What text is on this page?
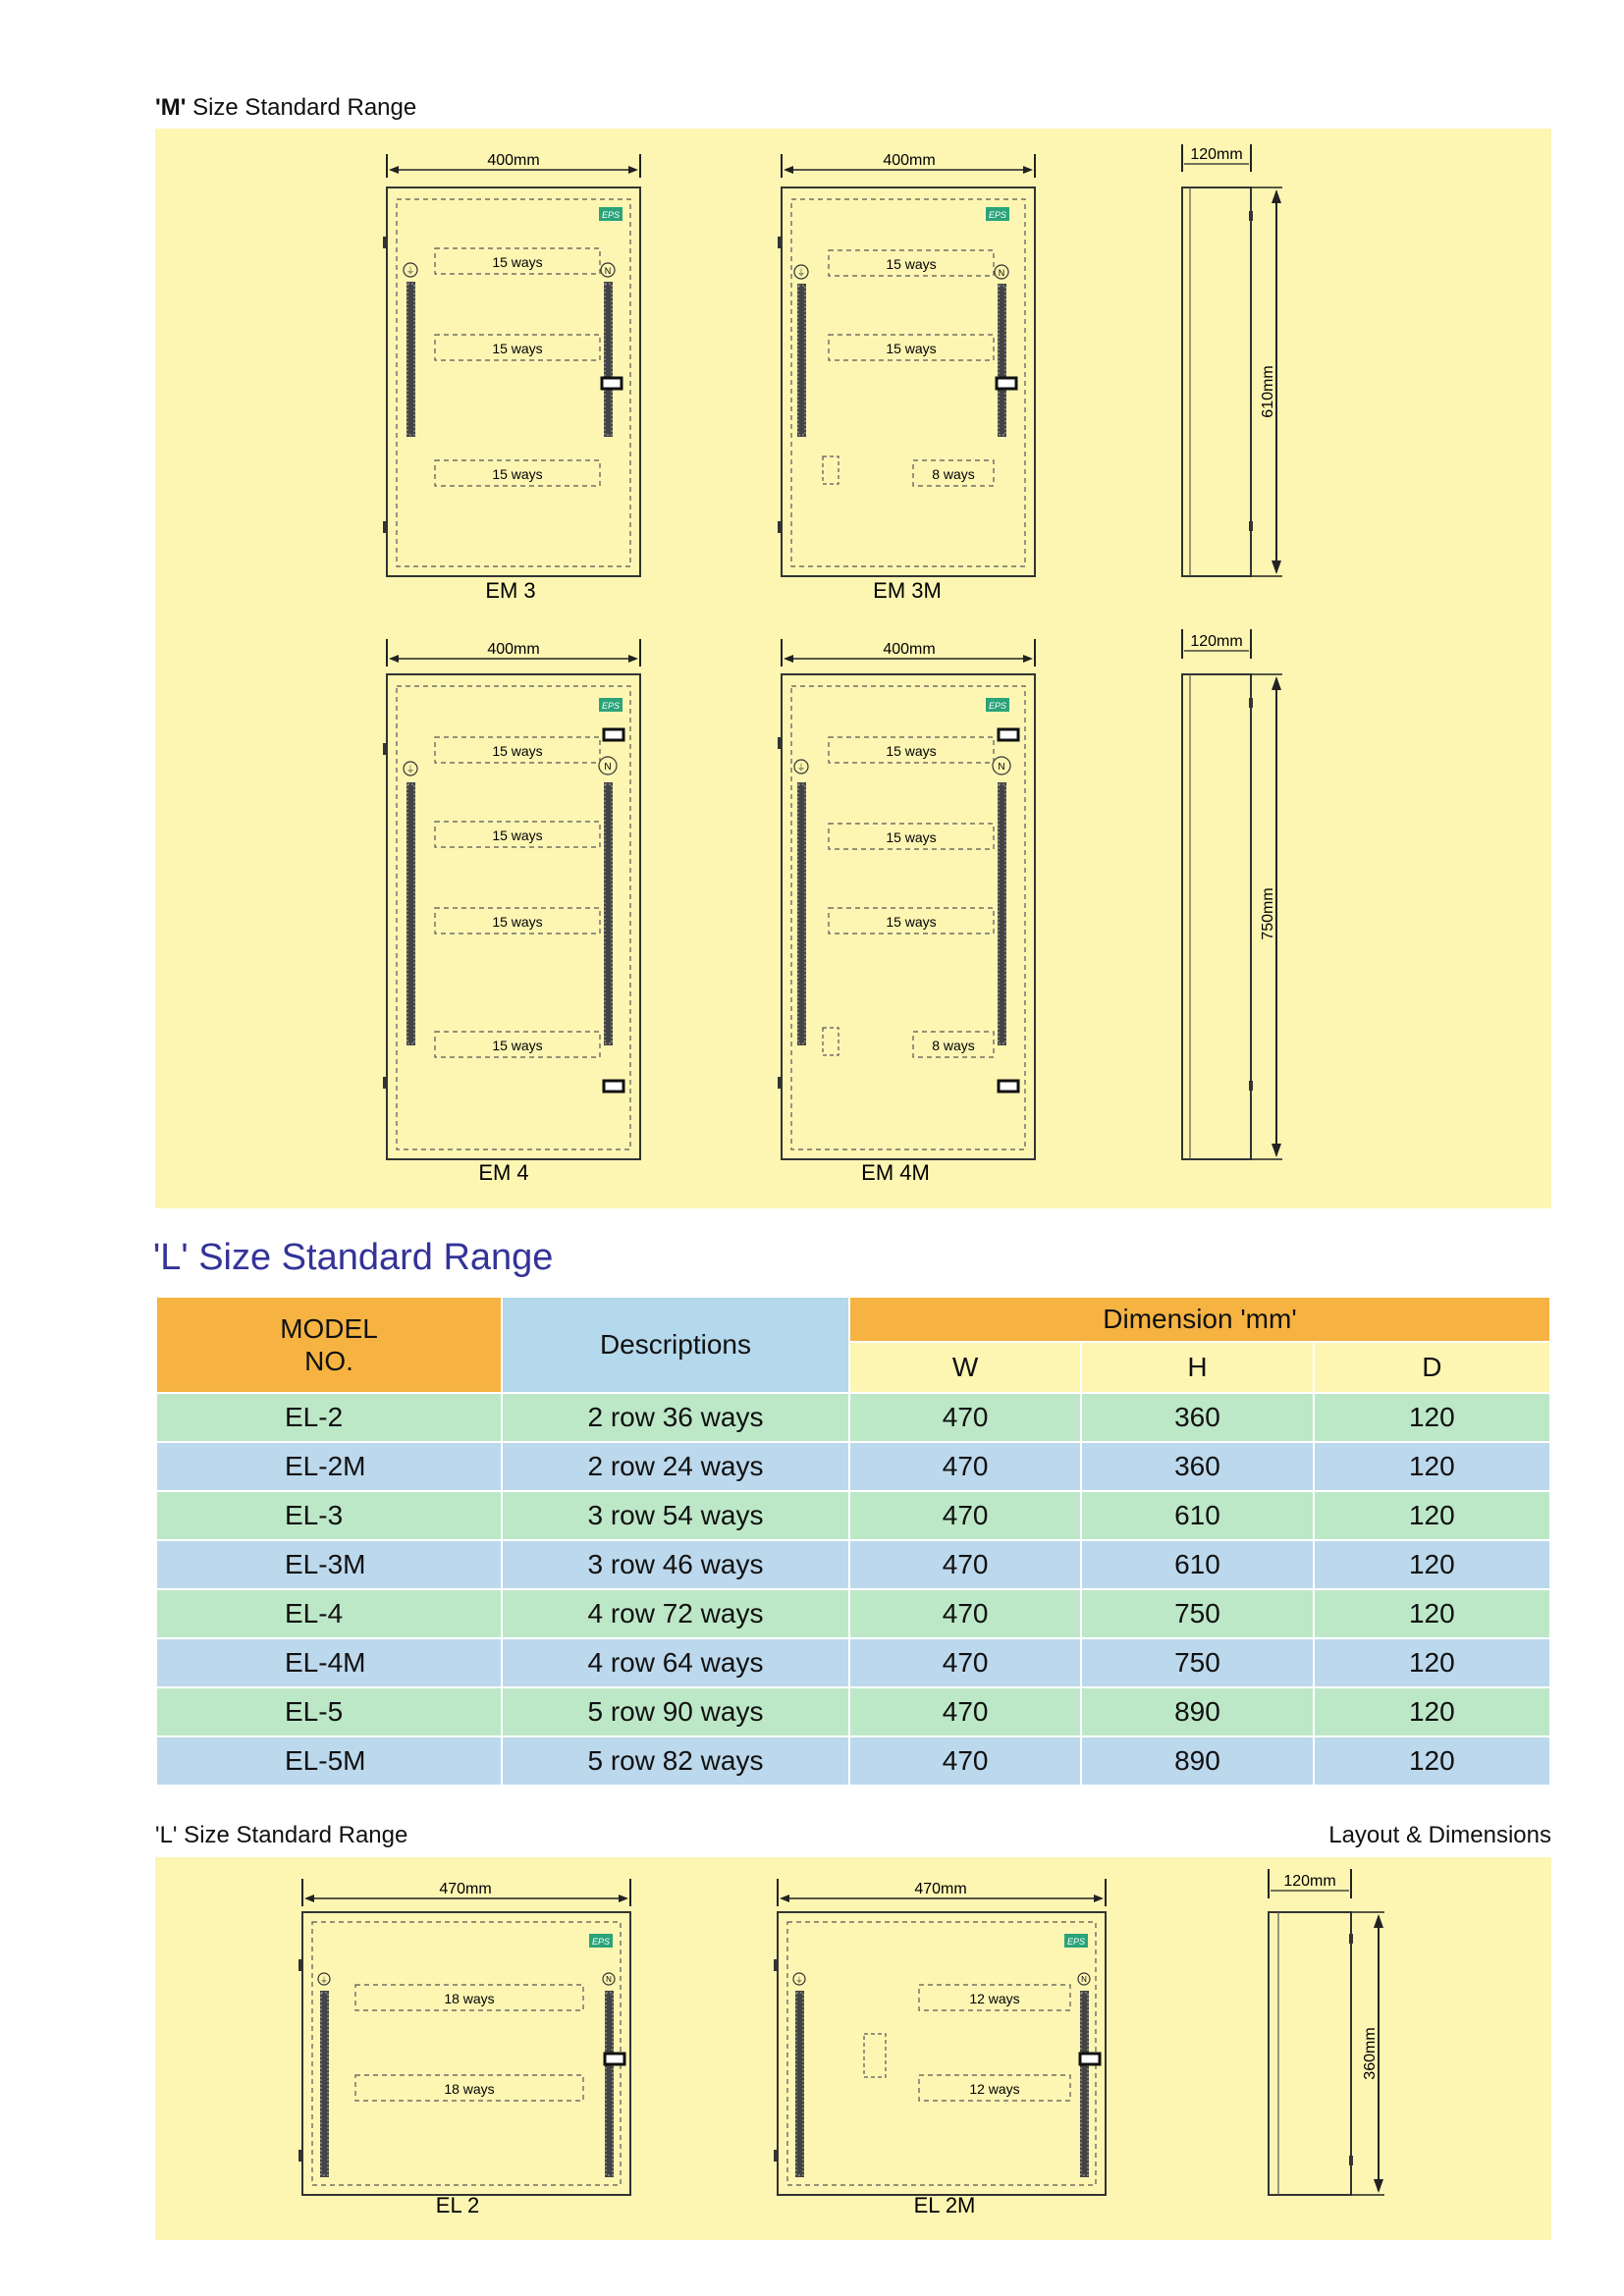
'M' Size Standard Range
400mm
EPS
⏚	N
15 ways
15 ways
15 ways
EM 3
400mm
EPS
⏚	N
15 ways
15 ways
8 ways
EM 3M
120mm
610mm
400mm
EPS
⏚	N
15 ways
15 ways
15 ways
15 ways
EM 4
400mm
EPS
⏚	N
15 ways
15 ways
15 ways
8 ways
EM 4M
120mm
750mm
'L' Size Standard Range
MODEL
NO.	Descriptions	Dimension 'mm'		
		W	H	D
EL-2	2 row 36 ways	470	360	120
EL-2M	2 row 24 ways	470	360	120
EL-3	3 row 54 ways	470	610	120
EL-3M	3 row 46 ways	470	610	120
EL-4	4 row 72 ways	470	750	120
EL-4M	4 row 64 ways	470	750	120
EL-5	5 row 90 ways	470	890	120
EL-5M	5 row 82 ways	470	890	120
'L' Size Standard Range	Layout & Dimensions
470mm
EPS
⏚	N
18 ways
18 ways
EL 2
470mm
EPS
⏚	N
12 ways
12 ways
EL 2M
120mm
360mm
